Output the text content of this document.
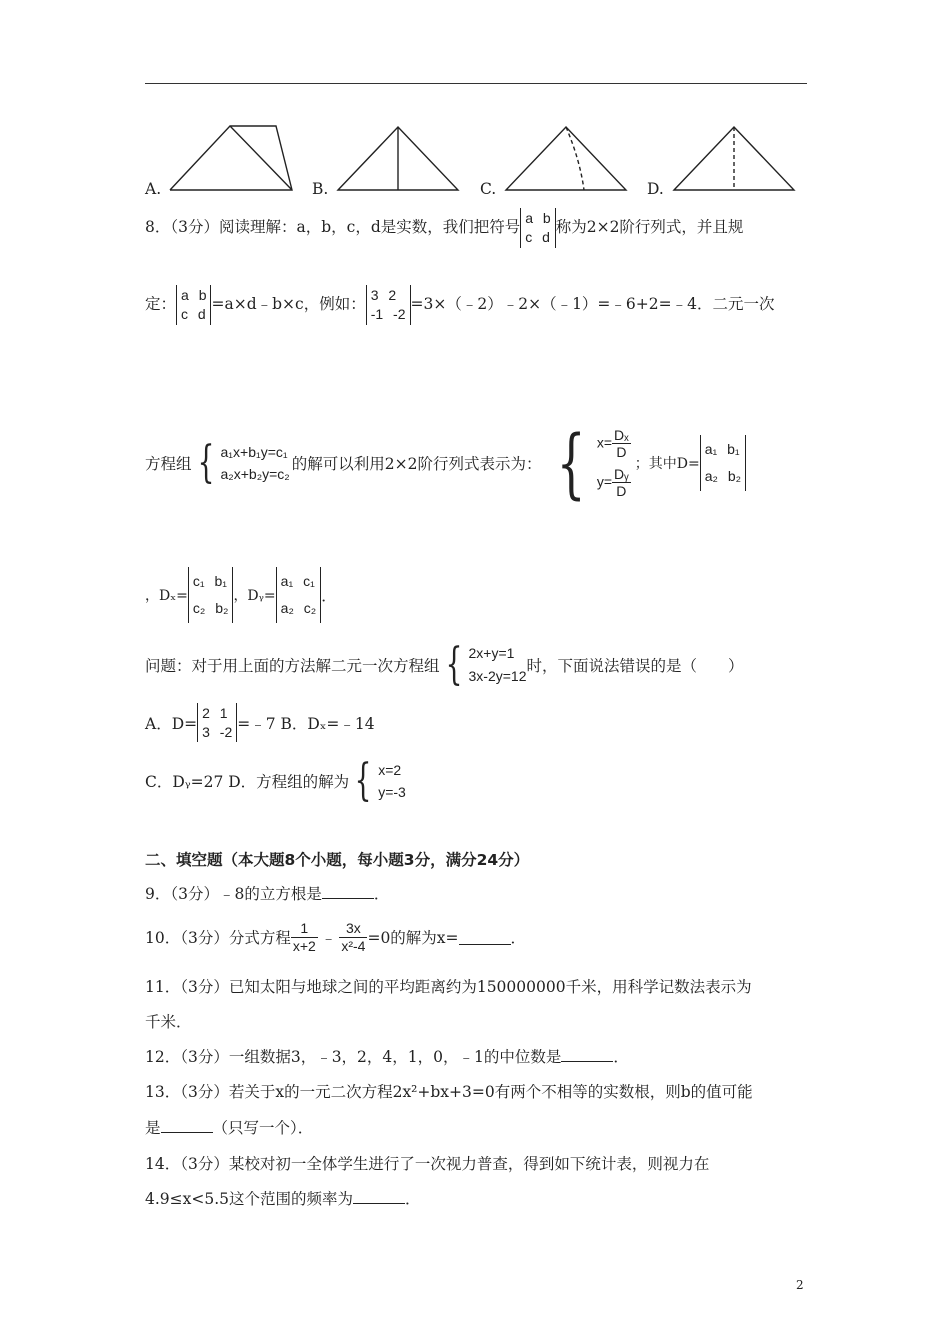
A.	B.	C.	D.
8．（3分）阅读理解：a，b，c，d是实数，我们把符号 a b
c d
称为2×2阶行列式，并且规
定： a b
c d
=a×d﹣b×c，例如： 3 2
-1 -2
=3×（﹣2）﹣2×（﹣1）=﹣6+2=﹣4．二元一次
方程组 { a₁x+b₁y=c₁
a₂x+b₂y=c₂
的解可以利用2×2阶行列式表示为： { $x= \frac{\text{Dₓ}}{D}$
$y= \frac{\text{Dᵧ}}{D}$
；其中D=
a₁ b₁
a₂ b₂
，Dₓ=
c₁ b₁
c₂ b₂
，Dᵧ=
a₁ c₁
a₂ c₂
．
问题：对于用上面的方法解二元一次方程组 { 2x+y=1
3x-2y=12
时，下面说法错误的是（　　）
A．D=
2 1
3 -2 =﹣7 B．Dₓ=﹣14
C．Dᵧ=27 D．方程组的解为 { x=2
y=-3
二、填空题（本大题8个小题，每小题3分，满分24分）
9．（3分）﹣8的立方根是	．
10．（3分）分式方程 $\frac{1}{x+2}$ ﹣ $\frac{3x}{\text{x²-4}} =0$的解为x=	．
11．（3分）已知太阳与地球之间的平均距离约为150000000千米，用科学记数法表示为
千米．
12．（3分）一组数据3，﹣3，2，4，1，0，﹣1的中位数是	．
13．（3分）若关于x的一元二次方程2x²+bx+3=0有两个不相等的实数根，则b的值可能
是	（只写一个）．
14．（3分）某校对初一全体学生进行了一次视力普查，得到如下统计表，则视力在
4.9≤x<5.5这个范围的频率为	．
2
